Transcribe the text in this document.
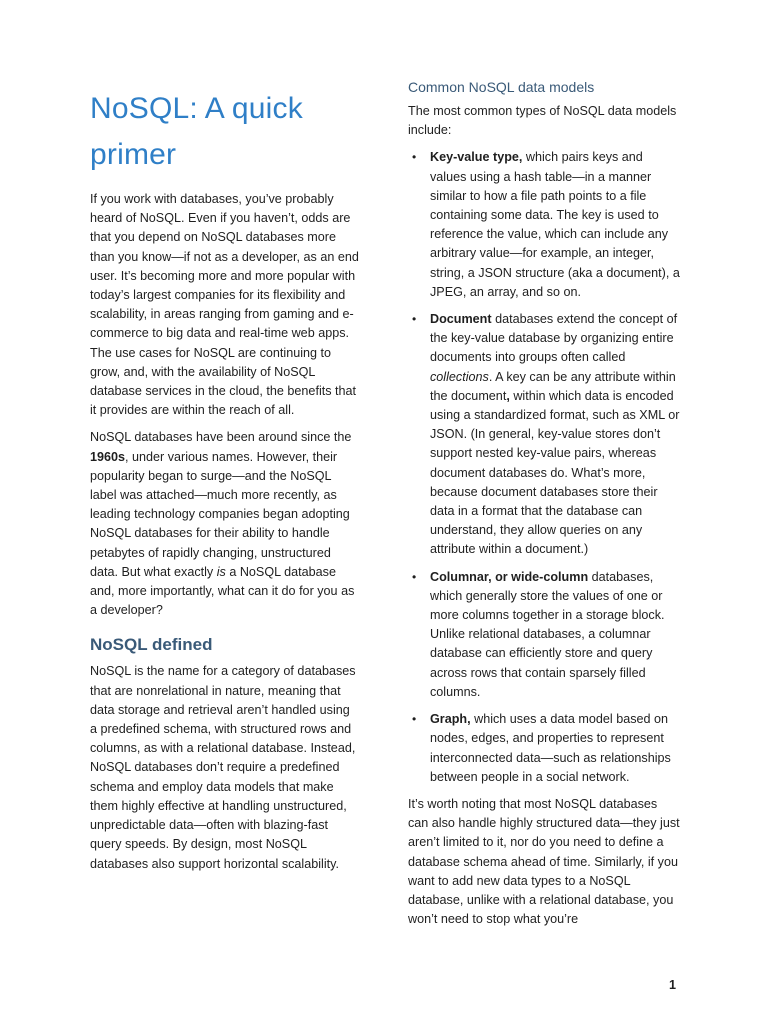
NoSQL: A quick primer

If you work with databases, you’ve probably heard of NoSQL. Even if you haven’t, odds are that you depend on NoSQL databases more than you know—if not as a developer, as an end user. It’s becoming more and more popular with today’s largest companies for its flexibility and scalability, in areas ranging from gaming and e-commerce to big data and real-time web apps. The use cases for NoSQL are continuing to grow, and, with the availability of NoSQL database services in the cloud, the benefits that it provides are within the reach of all.

NoSQL databases have been around since the 1960s, under various names. However, their popularity began to surge—and the NoSQL label was attached—much more recently, as leading technology companies began adopting NoSQL databases for their ability to handle petabytes of rapidly changing, unstructured data. But what exactly is a NoSQL database and, more importantly, what can it do for you as a developer?

NoSQL defined

NoSQL is the name for a category of databases that are nonrelational in nature, meaning that data storage and retrieval aren’t handled using a predefined schema, with structured rows and columns, as with a relational database. Instead, NoSQL databases don’t require a predefined schema and employ data models that make them highly effective at handling unstructured, unpredictable data—often with blazing-fast query speeds. By design, most NoSQL databases also support horizontal scalability.

Common NoSQL data models

The most common types of NoSQL data models include:

• Key-value type, which pairs keys and values using a hash table—in a manner similar to how a file path points to a file containing some data. The key is used to reference the value, which can include any arbitrary value—for example, an integer, string, a JSON structure (aka a document), a JPEG, an array, and so on.
• Document databases extend the concept of the key-value database by organizing entire documents into groups often called collections. A key can be any attribute within the document, within which data is encoded using a standardized format, such as XML or JSON. (In general, key-value stores don’t support nested key-value pairs, whereas document databases do. What’s more, because document databases store their data in a format that the database can understand, they allow queries on any attribute within a document.)
• Columnar, or wide-column databases, which generally store the values of one or more columns together in a storage block. Unlike relational databases, a columnar database can efficiently store and query across rows that contain sparsely filled columns.
• Graph, which uses a data model based on nodes, edges, and properties to represent interconnected data—such as relationships between people in a social network.

It’s worth noting that most NoSQL databases can also handle highly structured data—they just aren’t limited to it, nor do you need to define a database schema ahead of time. Similarly, if you want to add new data types to a NoSQL database, unlike with a relational database, you won’t need to stop what you’re

1
